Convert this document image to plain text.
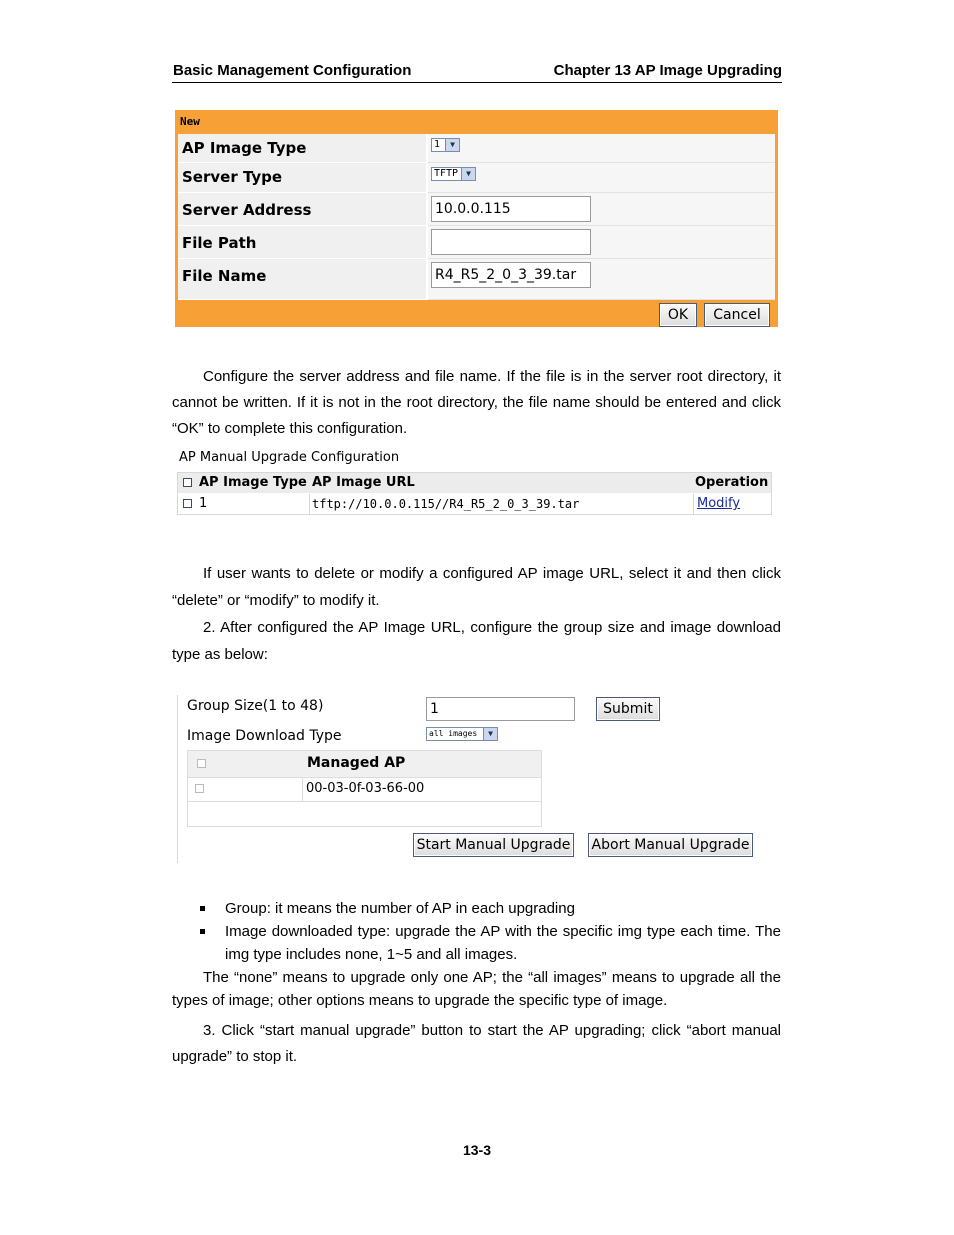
Basic Management Configuration	Chapter 13 AP Image Upgrading
New
AP Image Type	1	▼
Server Type	TFTP ▼
Server Address	10.0.0.115
File Path
File Name	R4_R5_2_0_3_39.tar
OK	Cancel

Configure the server address and file name. If the file is in the server root directory, it cannot be written. If it is not in the root directory, the file name should be entered and click “OK” to complete this configuration.

AP Manual Upgrade Configuration
AP Image Type AP Image URL	Operation
1	tftp://10.0.0.115//R4_R5_2_0_3_39.tar	Modify

If user wants to delete or modify a configured AP image URL, select it and then click “delete” or “modify” to modify it.

2. After configured the AP Image URL, configure the group size and image download type as below:

Group Size(1 to 48)	1	Submit
Image Download Type	all images	▼
Managed AP
00-03-0f-03-66-00
Start Manual Upgrade Abort Manual Upgrade
Group: it means the number of AP in each upgrading
Image downloaded type: upgrade the AP with the specific img type each time. The img type includes none, 1~5 and all images.

The “none” means to upgrade only one AP; the “all images” means to upgrade all the types of image; other options means to upgrade the specific type of image.

3. Click “start manual upgrade” button to start the AP upgrading; click “abort manual upgrade” to stop it.

13-3
